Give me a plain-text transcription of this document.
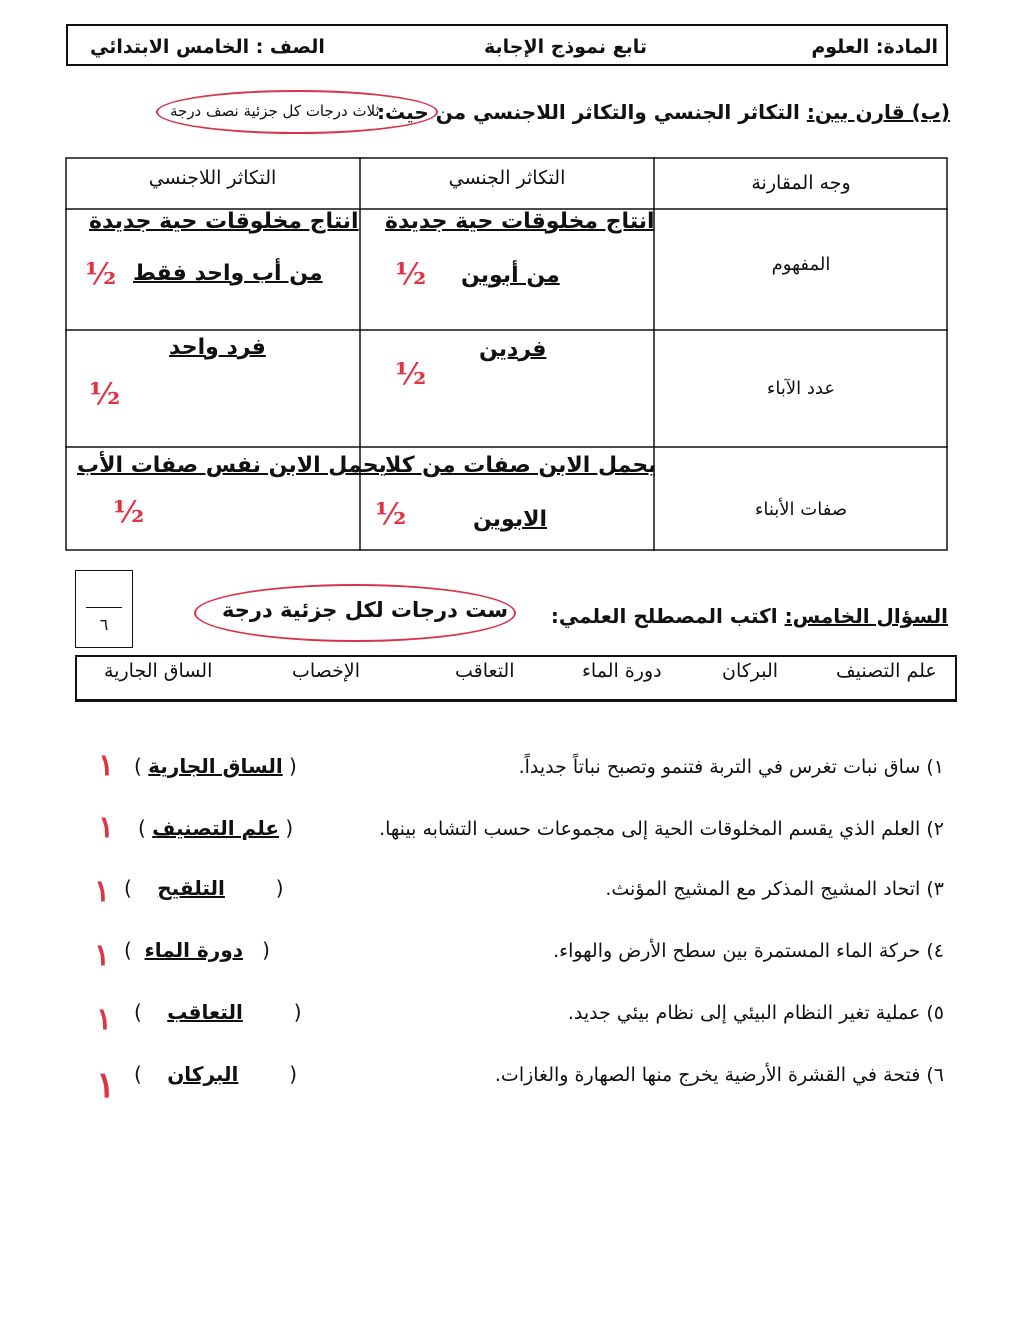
المادة: العلوم
تابع نموذج الإجابة
الصف : الخامس الابتدائي
(ب) قارن بين: التكاثر الجنسي والتكاثر اللاجنسي من حيث:
ثلاث درجات كل جزئية نصف درجة
وجه المقارنة
التكاثر الجنسي
التكاثر اللاجنسي
المفهوم
انتاج مخلوقات حية جديدة
من أبوين
½
انتاج مخلوقات حية جديدة
من أب واحد فقط
½
عدد الآباء
فردين
½
فرد واحد
½
صفات الأبناء
يحمل الابن صفات من كلا
الابوين
½
يحمل الابن نفس صفات الأب
½
٦	السؤال الخامس: اكتب المصطلح العلمي:
ست درجات لكل جزئية درجة
علم التصنيف
البركان
دورة الماء
التعاقب
الإخصاب
الساق الجارية
١) ساق نبات تغرس في التربة فتنمو وتصبح نباتاً جديداً.
( الساق الجارية )
١
٢) العلم الذي يقسم المخلوقات الحية إلى مجموعات حسب التشابه بينها.
( علم التصنيف )
١
٣) اتحاد المشيج المذكر مع المشيج المؤنث.
(    التلقيح        )
١
٤) حركة الماء المستمرة بين سطح الأرض والهواء.
(  دورة الماء   )
١
٥) عملية تغير النظام البيئي إلى نظام بيئي جديد.
(    التعاقب        )
١
٦) فتحة في القشرة الأرضية يخرج منها الصهارة والغازات.
(    البركان        )
١
